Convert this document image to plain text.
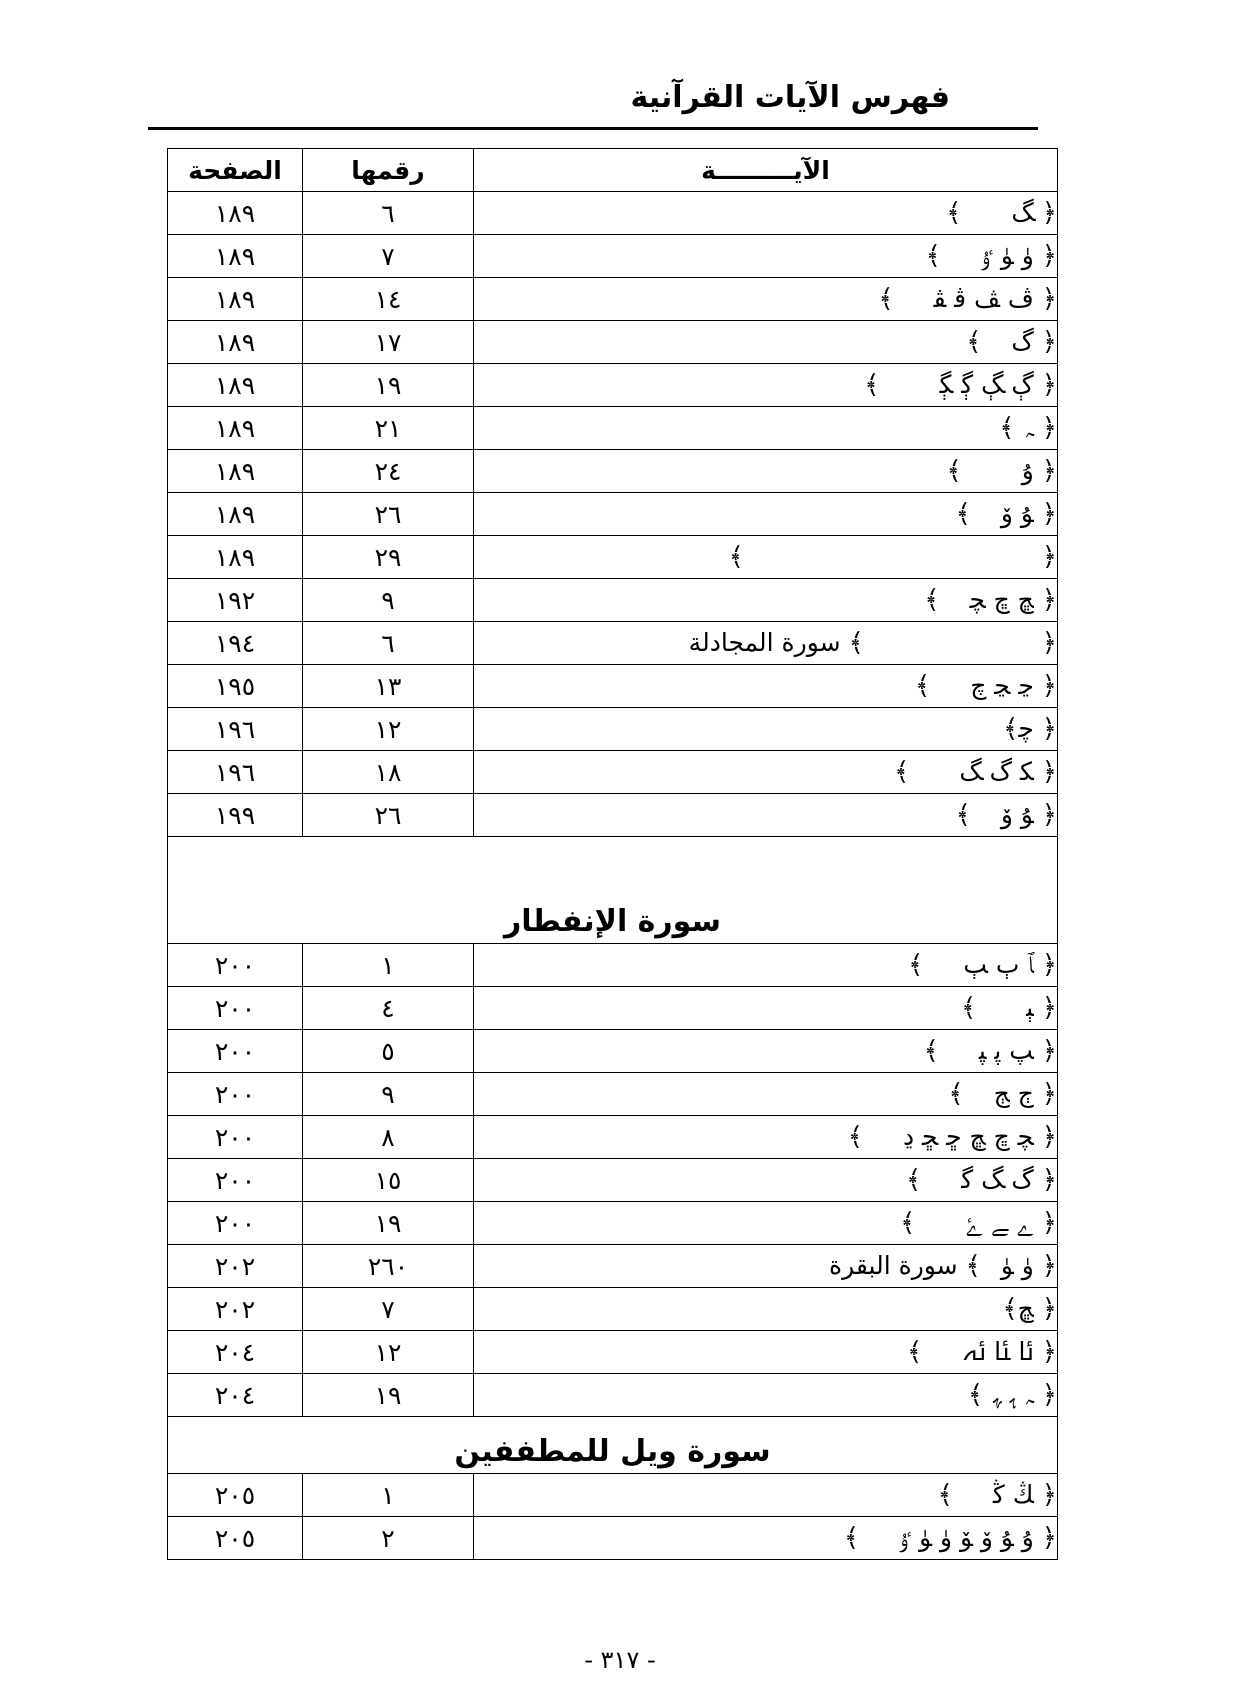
فهرس الآيات القرآنية
الآيـــــــــة	رقمها	الصفحة
﴿ ﮓ﴾	٦	١٨٩
﴿ ﯛ ﯜ ﯝ﴾	٧	١٨٩
﴿ ﭪ ﭫ ﭬ ﭭ﴾	١٤	١٨٩
﴿ ﮒ﴾	١٧	١٨٩
﴿ ﮖ ﮗ ﮘ ﮙ﴾	١٩	١٨٩
﴿ ﮧ﴾	٢١	١٨٩
﴿ ﯗ﴾	٢٤	١٨٩
﴿ ﯘ ﯙ﴾	٢٦	١٨٩
﴿ ﴾	٢٩	١٨٩
﴿ ﭿ ﭾ ﭽ﴾	٩	١٩٢
﴿ ﴾سورة المجادلة	٦	١٩٤
﴿ ﭸ ﭹ ﭺ﴾	١٣	١٩٥
﴿ ﭼ﴾	١٢	١٩٦
﴿ ﮑ ﮒ ﮓ﴾	١٨	١٩٦
﴿ ﯘ ﯙ﴾	٢٦	١٩٩
سورة الإنفطار		
﴿ ﭑ ﭒ ﭓ﴾	١	٢٠٠
﴿ ﭕ﴾	٤	٢٠٠
﴿ ﭗ ﭘ ﭙ﴾	٥	٢٠٠
﴿ ﭲ ﭳ﴾	٩	٢٠٠
﴿ ﭽ ﭾ ﭿ ﮀ ﮁ ﮂ﴾	٨	٢٠٠
﴿ ﮒ ﮓ ﮔ﴾	١٥	٢٠٠
﴿ ﮮ ﮯ ﮰ﴾	١٩	٢٠٠
﴿ ﯛ ﯜ﴾سورة البقرة	٢٦٠	٢٠٢
﴿ ﭿ﴾	٧	٢٠٢
﴿ ﯪ ﯫ ﯬ﴾	١٢	٢٠٤
﴿ ﮧ ﮨ ﮩ﴾	١٩	٢٠٤
سورة ويل للمطففين		
﴿ ﯔ ﯕ﴾	١	٢٠٥
﴿ ﯗ ﯘ ﯙ ﯚ ﯛ ﯜ ﯝ﴾	٢	٢٠٥
- ٣١٧ -
